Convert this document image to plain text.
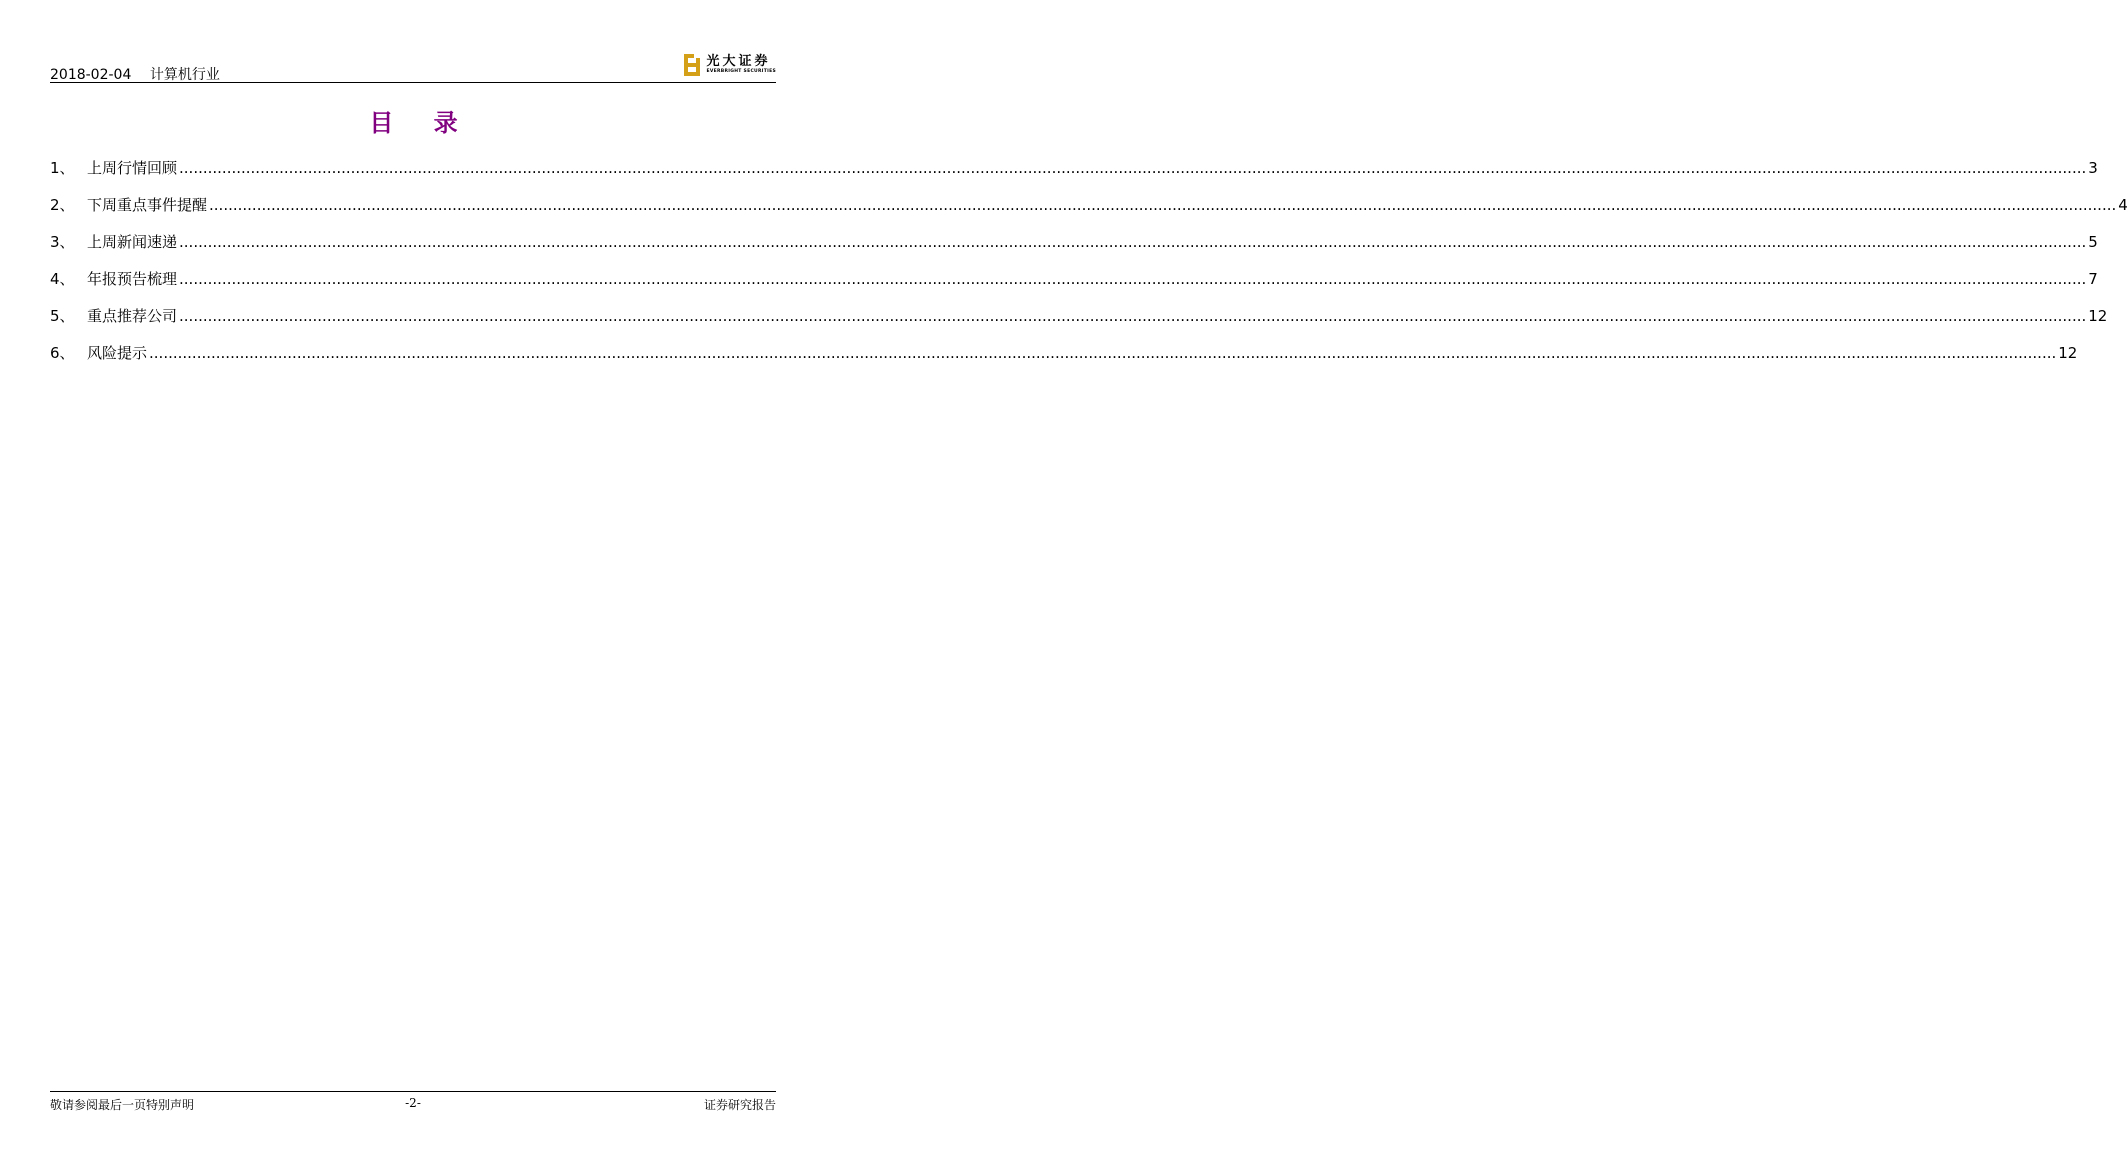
2018-02-04 计算机行业
光大证券
EVERBRIGHT SECURITIES
目 录
1、 上周行情回顾 ................................................................................................................................................................................................................................................................................................................................................................................................................ 3
2、 下周重点事件提醒 ................................................................................................................................................................................................................................................................................................................................................................................................................ 4
3、 上周新闻速递 ................................................................................................................................................................................................................................................................................................................................................................................................................ 5
4、 年报预告梳理 ................................................................................................................................................................................................................................................................................................................................................................................................................ 7
5、 重点推荐公司 ................................................................................................................................................................................................................................................................................................................................................................................................................ 12
6、 风险提示 ................................................................................................................................................................................................................................................................................................................................................................................................................ 12
敬请参阅最后一页特别声明	-2-	证券研究报告
